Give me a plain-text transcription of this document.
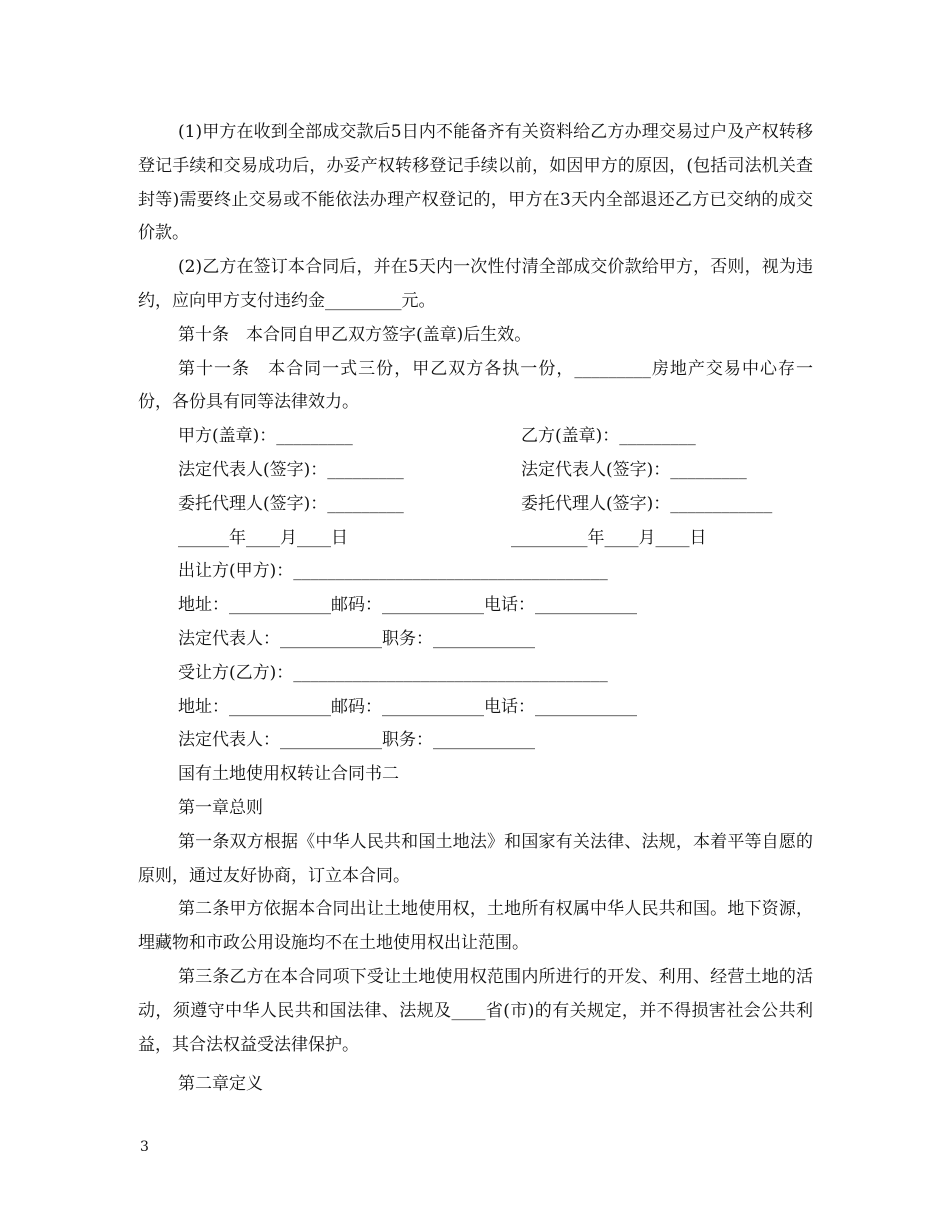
(1)甲方在收到全部成交款后5日内不能备齐有关资料给乙方办理交易过户及产权转移登记手续和交易成功后，办妥产权转移登记手续以前，如因甲方的原因，(包括司法机关查封等)需要终止交易或不能依法办理产权登记的，甲方在3天内全部退还乙方已交纳的成交价款。

(2)乙方在签订本合同后，并在5天内一次性付清全部成交价款给甲方，否则，视为违约，应向甲方支付违约金_________元。

第十条　本合同自甲乙双方签字(盖章)后生效。

第十一条　本合同一式三份，甲乙双方各执一份，_________房地产交易中心存一份，各份具有同等法律效力。

甲方(盖章)：_________	乙方(盖章)：_________
法定代表人(签字)：_________	法定代表人(签字)：_________
委托代理人(签字)：_________	委托代理人(签字)：____________
______年____月____日	_________年____月____日

出让方(甲方)：_____________________________________

地址：____________邮码：____________电话：____________

法定代表人：____________职务：____________

受让方(乙方)：_____________________________________

地址：____________邮码：____________电话：____________

法定代表人：____________职务：____________

国有土地使用权转让合同书二

第一章总则

第一条双方根据《中华人民共和国土地法》和国家有关法律、法规，本着平等自愿的原则，通过友好协商，订立本合同。

第二条甲方依据本合同出让土地使用权，土地所有权属中华人民共和国。地下资源，埋藏物和市政公用设施均不在土地使用权出让范围。

第三条乙方在本合同项下受让土地使用权范围内所进行的开发、利用、经营土地的活动，须遵守中华人民共和国法律、法规及____省(市)的有关规定，并不得损害社会公共利益，其合法权益受法律保护。

第二章定义

3
